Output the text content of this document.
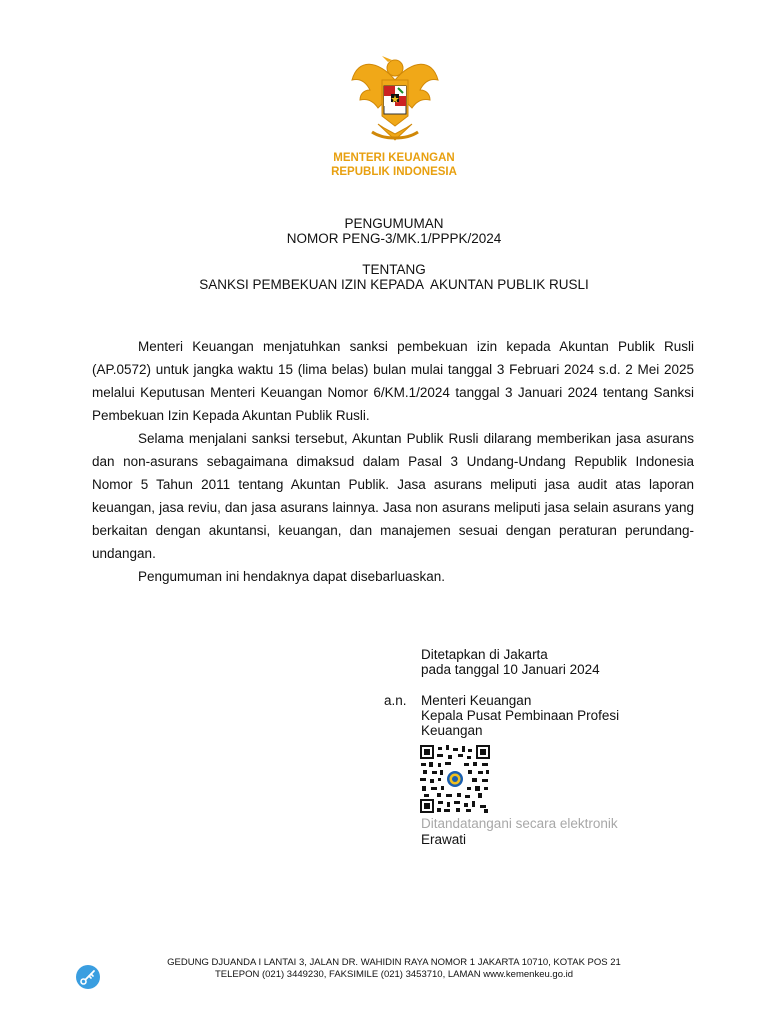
MENTERI KEUANGAN
REPUBLIK INDONESIA
PENGUMUMAN
NOMOR PENG-3/MK.1/PPPK/2024
TENTANG
SANKSI PEMBEKUAN IZIN KEPADA  AKUNTAN PUBLIK RUSLI

Menteri Keuangan menjatuhkan sanksi pembekuan izin kepada Akuntan Publik Rusli (AP.0572) untuk jangka waktu 15 (lima belas) bulan mulai tanggal 3 Februari 2024 s.d. 2 Mei 2025 melalui Keputusan Menteri Keuangan Nomor 6/KM.1/2024 tanggal 3 Januari 2024 tentang Sanksi Pembekuan Izin Kepada Akuntan Publik Rusli.

Selama menjalani sanksi tersebut, Akuntan Publik Rusli dilarang memberikan jasa asurans dan non-asurans sebagaimana dimaksud dalam Pasal 3 Undang-Undang Republik Indonesia Nomor 5 Tahun 2011 tentang Akuntan Publik. Jasa asurans meliputi jasa audit atas laporan keuangan, jasa reviu, dan jasa asurans lainnya. Jasa non asurans meliputi jasa selain asurans yang berkaitan dengan akuntansi, keuangan, dan manajemen sesuai dengan peraturan perundang-undangan.

Pengumuman ini hendaknya dapat disebarluaskan.

Ditetapkan di Jakarta
pada tanggal 10 Januari 2024
a.n. Menteri Keuangan
Kepala Pusat Pembinaan Profesi
Keuangan
Ditandatangani secara elektronik
Erawati
GEDUNG DJUANDA I LANTAI 3, JALAN DR. WAHIDIN RAYA NOMOR 1 JAKARTA 10710, KOTAK POS 21
TELEPON (021) 3449230, FAKSIMILE (021) 3453710, LAMAN www.kemenkeu.go.id
